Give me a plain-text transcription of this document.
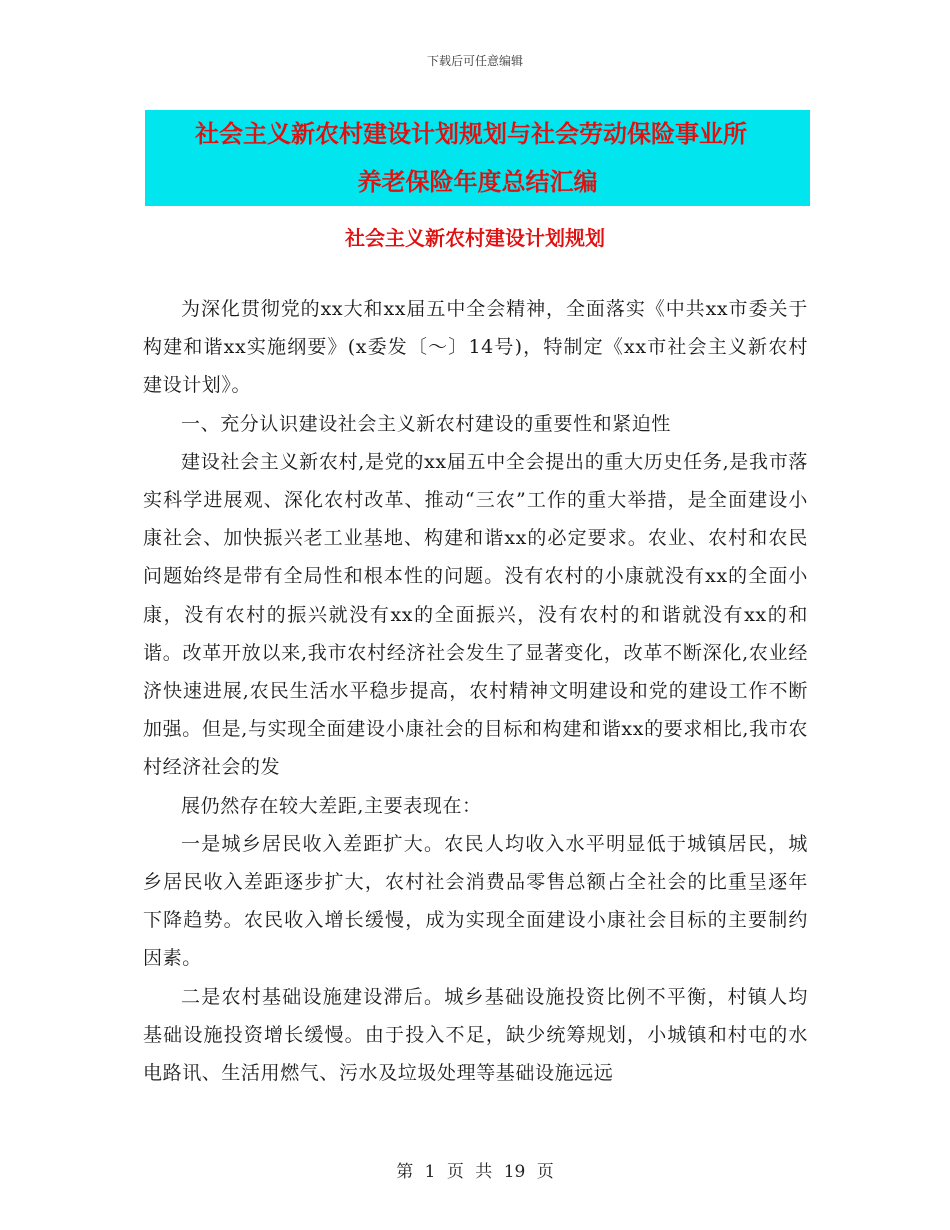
下载后可任意编辑
社会主义新农村建设计划规划与社会劳动保险事业所
养老保险年度总结汇编
社会主义新农村建设计划规划

为深化贯彻党的xx大和xx届五中全会精神，全面落实《中共xx市委关于构建和谐xx实施纲要》(x委发〔～〕14号)，特制定《xx市社会主义新农村建设计划》。

一、充分认识建设社会主义新农村建设的重要性和紧迫性

建设社会主义新农村,是党的xx届五中全会提出的重大历史任务,是我市落实科学进展观、深化农村改革、推动“三农”工作的重大举措，是全面建设小康社会、加快振兴老工业基地、构建和谐xx的必定要求。农业、农村和农民问题始终是带有全局性和根本性的问题。没有农村的小康就没有xx的全面小康，没有农村的振兴就没有xx的全面振兴，没有农村的和谐就没有xx的和谐。改革开放以来,我市农村经济社会发生了显著变化，改革不断深化,农业经济快速进展,农民生活水平稳步提高，农村精神文明建设和党的建设工作不断加强。但是,与实现全面建设小康社会的目标和构建和谐xx的要求相比,我市农村经济社会的发

展仍然存在较大差距,主要表现在：

一是城乡居民收入差距扩大。农民人均收入水平明显低于城镇居民，城乡居民收入差距逐步扩大，农村社会消费品零售总额占全社会的比重呈逐年下降趋势。农民收入增长缓慢，成为实现全面建设小康社会目标的主要制约因素。

二是农村基础设施建设滞后。城乡基础设施投资比例不平衡，村镇人均基础设施投资增长缓慢。由于投入不足，缺少统筹规划，小城镇和村屯的水电路讯、生活用燃气、污水及垃圾处理等基础设施远远

第 1 页 共 19 页
